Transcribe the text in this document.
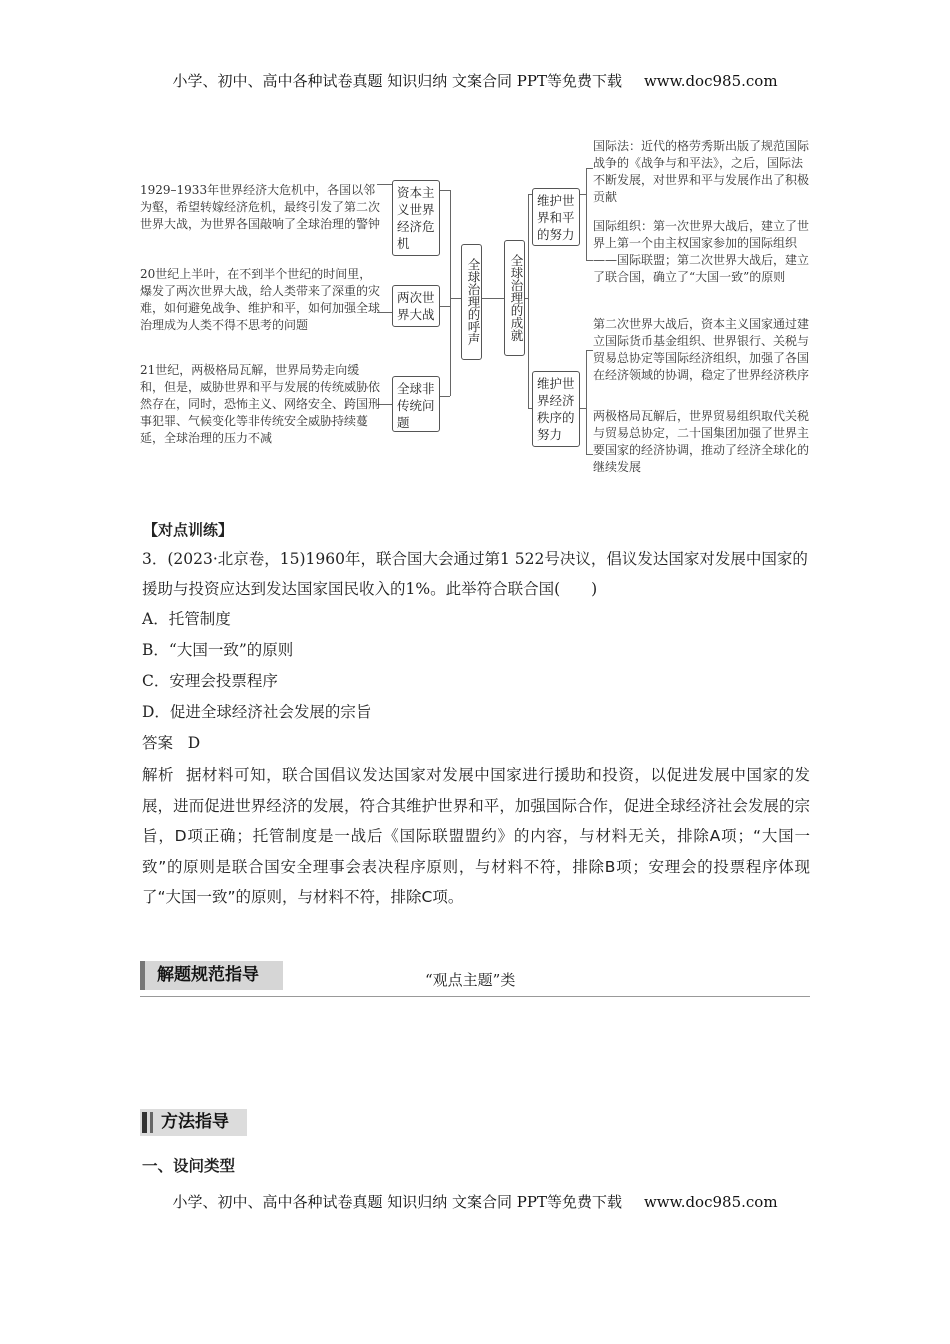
小学、初中、高中各种试卷真题 知识归纳 文案合同 PPT等免费下载 www.doc985.com
1929–1933年世界经济大危机中，各国以邻为壑，希望转嫁经济危机，最终引发了第二次世界大战，为世界各国敲响了全球治理的警钟
20世纪上半叶，在不到半个世纪的时间里，爆发了两次世界大战，给人类带来了深重的灾难，如何避免战争、维护和平，如何加强全球治理成为人类不得不思考的问题
21世纪，两极格局瓦解，世界局势走向缓和，但是，威胁世界和平与发展的传统威胁依然存在，同时，恐怖主义、网络安全、跨国刑事犯罪、气候变化等非传统安全威胁持续蔓延，全球治理的压力不减
资本主义世界经济危机
两次世界大战
全球非传统问题
全球治理的呼声	全球治理的成就
维护世界和平的努力
维护世界经济秩序的努力
国际法：近代的格劳秀斯出版了规范国际战争的《战争与和平法》，之后，国际法不断发展，对世界和平与发展作出了积极贡献
国际组织：第一次世界大战后，建立了世界上第一个由主权国家参加的国际组织——国际联盟；第二次世界大战后，建立了联合国，确立了“大国一致”的原则
第二次世界大战后，资本主义国家通过建立国际货币基金组织、世界银行、关税与贸易总协定等国际经济组织，加强了各国在经济领域的协调，稳定了世界经济秩序
两极格局瓦解后，世界贸易组织取代关税与贸易总协定，二十国集团加强了世界主要国家的经济协调，推动了经济全球化的继续发展
【对点训练】
3．(2023·北京卷，15)1960年，联合国大会通过第1 522号决议，倡议发达国家对发展中国家的援助与投资应达到发达国家国民收入的1%。此举符合联合国(　　)
A．托管制度
B．“大国一致”的原则
C．安理会投票程序
D．促进全球经济社会发展的宗旨
答案 D
解析 据材料可知，联合国倡议发达国家对发展中国家进行援助和投资，以促进发展中国家的发展，进而促进世界经济的发展，符合其维护世界和平，加强国际合作，促进全球经济社会发展的宗旨，D项正确；托管制度是一战后《国际联盟盟约》的内容，与材料无关，排除A项；“大国一致”的原则是联合国安全理事会表决程序原则，与材料不符，排除B项；安理会的投票程序体现了“大国一致”的原则，与材料不符，排除C项。
解题规范指导	“观点主题”类
方法指导
一、设问类型
小学、初中、高中各种试卷真题 知识归纳 文案合同 PPT等免费下载 www.doc985.com
